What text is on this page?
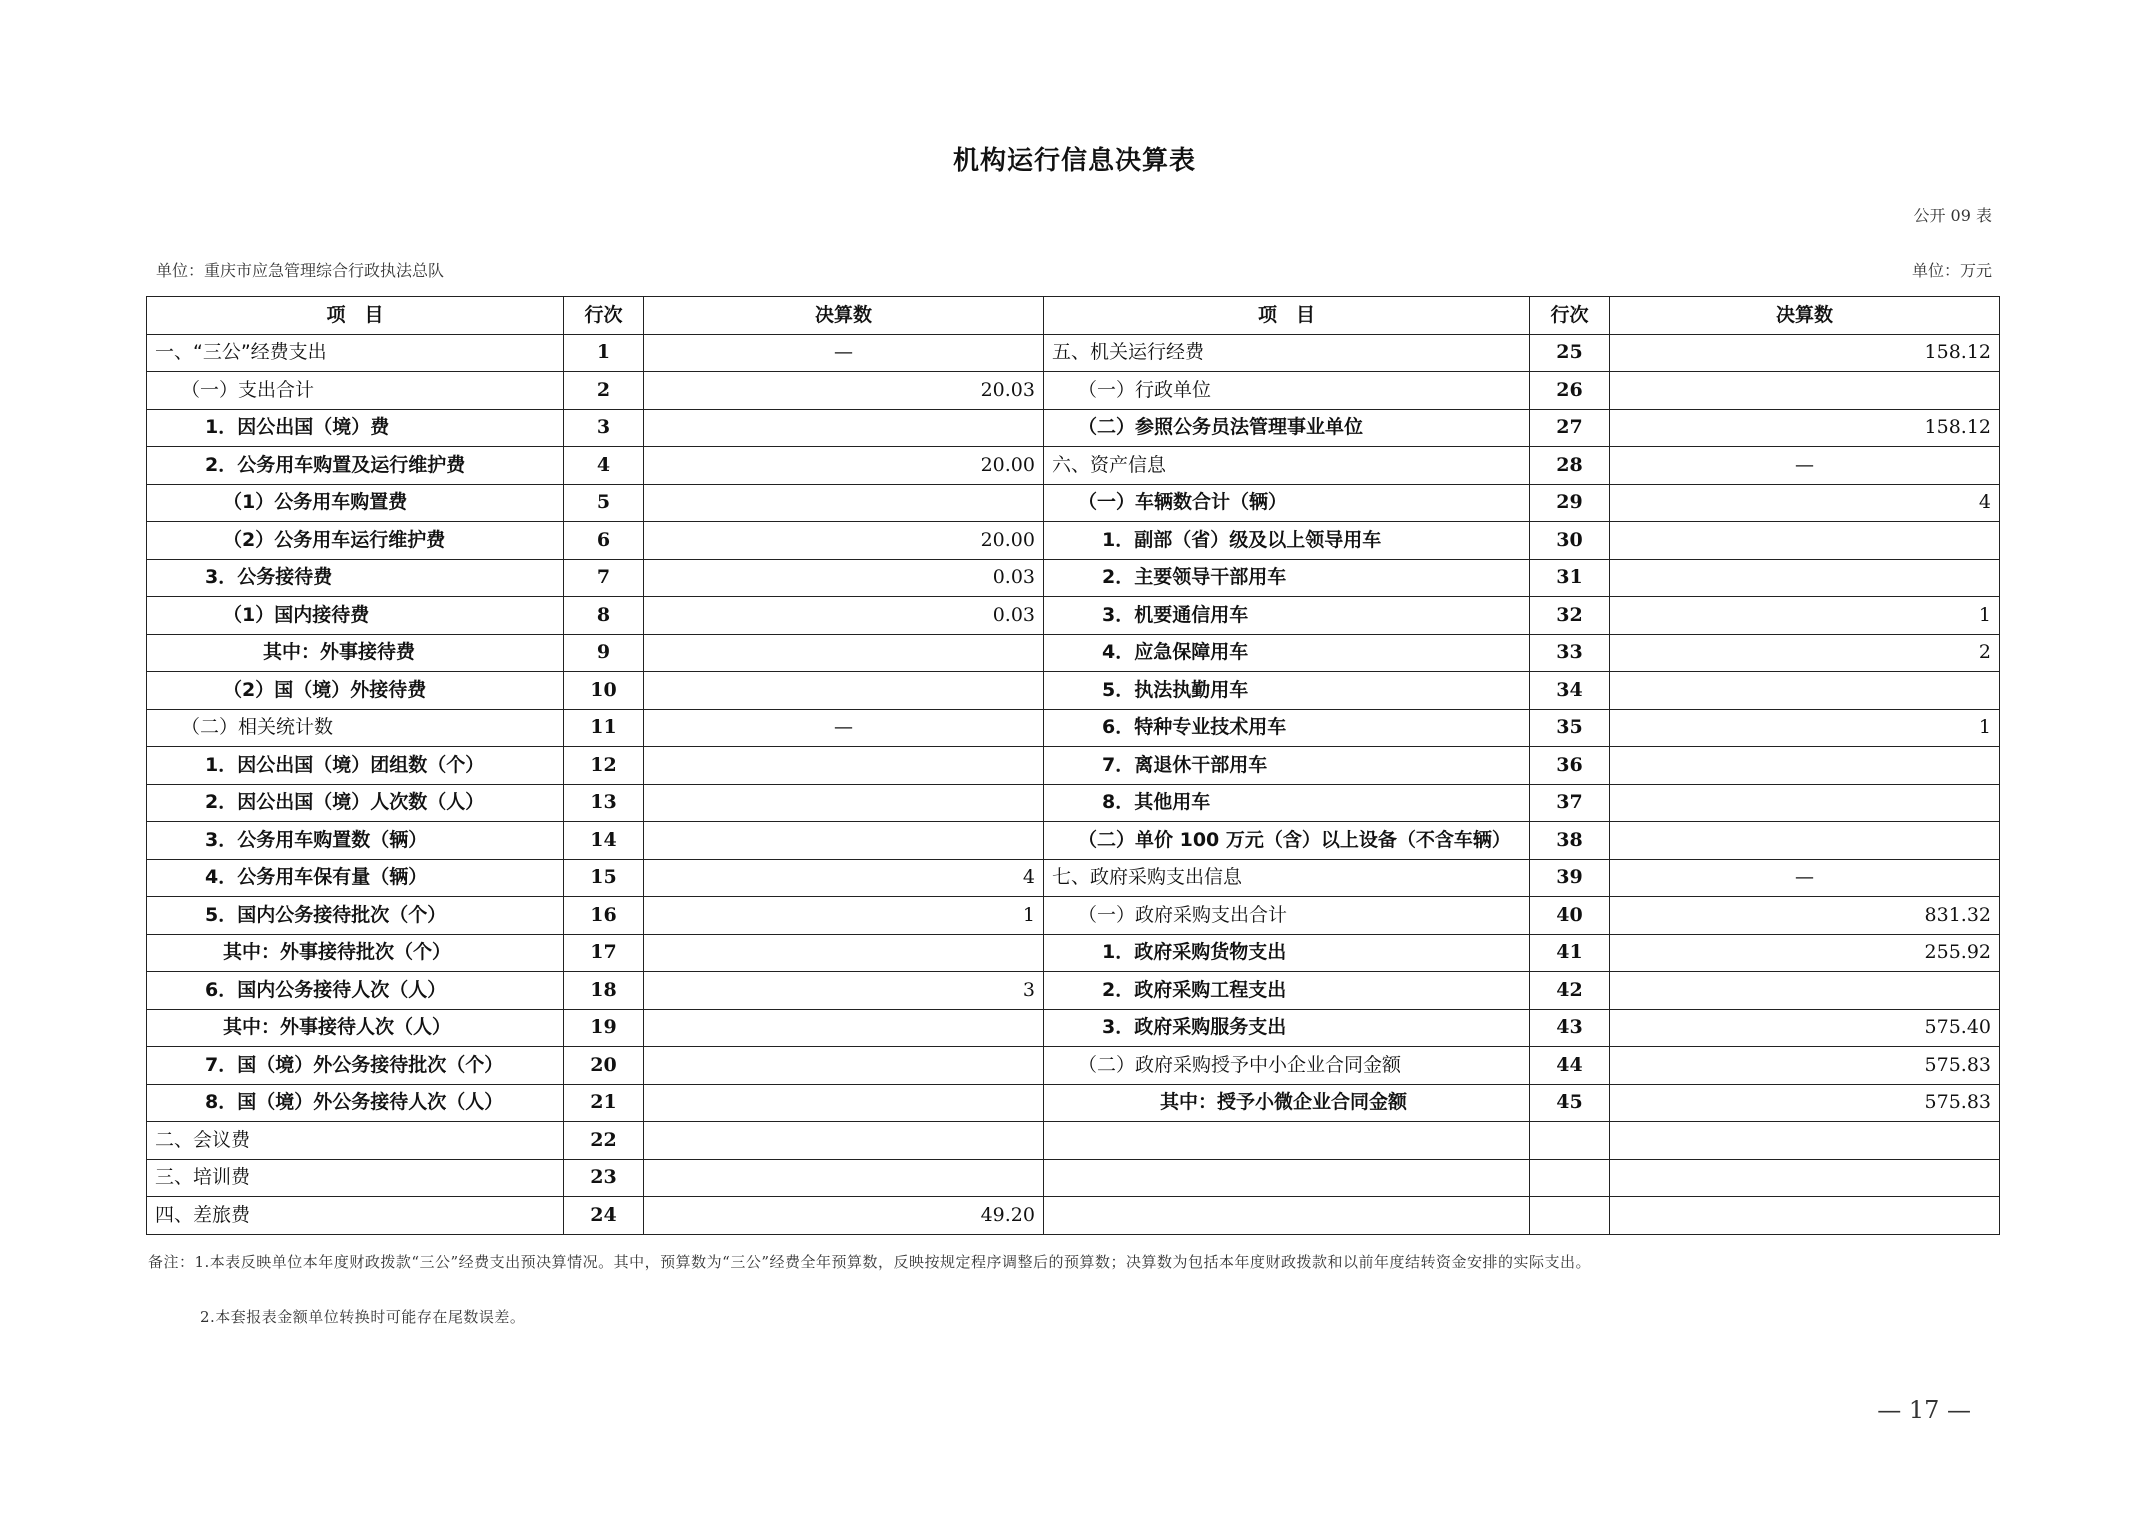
机构运行信息决算表
公开 09 表
单位：重庆市应急管理综合行政执法总队	单位：万元
项　目	行次	决算数	项　目	行次	决算数
一、“三公”经费支出	1	—	五、机关运行经费	25	158.12
（一）支出合计	2	20.03	（一）行政单位	26	
1．因公出国（境）费	3		（二）参照公务员法管理事业单位	27	158.12
2．公务用车购置及运行维护费	4	20.00	六、资产信息	28	—
（1）公务用车购置费	5		（一）车辆数合计（辆）	29	4
（2）公务用车运行维护费	6	20.00	1．副部（省）级及以上领导用车	30	
3．公务接待费	7	0.03	2．主要领导干部用车	31	
（1）国内接待费	8	0.03	3．机要通信用车	32	1
其中：外事接待费	9		4．应急保障用车	33	2
（2）国（境）外接待费	10		5．执法执勤用车	34	
（二）相关统计数	11	—	6．特种专业技术用车	35	1
1．因公出国（境）团组数（个）	12		7．离退休干部用车	36	
2．因公出国（境）人次数（人）	13		8．其他用车	37	
3．公务用车购置数（辆）	14		（二）单价 100 万元（含）以上设备（不含车辆）	38	
4．公务用车保有量（辆）	15	4	七、政府采购支出信息	39	—
5．国内公务接待批次（个）	16	1	（一）政府采购支出合计	40	831.32
其中：外事接待批次（个）	17		1．政府采购货物支出	41	255.92
6．国内公务接待人次（人）	18	3	2．政府采购工程支出	42	
其中：外事接待人次（人）	19		3．政府采购服务支出	43	575.40
7．国（境）外公务接待批次（个）	20		（二）政府采购授予中小企业合同金额	44	575.83
8．国（境）外公务接待人次（人）	21		其中：授予小微企业合同金额	45	575.83
二、会议费	22				
三、培训费	23				
四、差旅费	24	49.20			
备注：1.本表反映单位本年度财政拨款“三公”经费支出预决算情况。其中，预算数为“三公”经费全年预算数，反映按规定程序调整后的预算数；决算数为包括本年度财政拨款和以前年度结转资金安排的实际支出。
2.本套报表金额单位转换时可能存在尾数误差。
— 17 —
